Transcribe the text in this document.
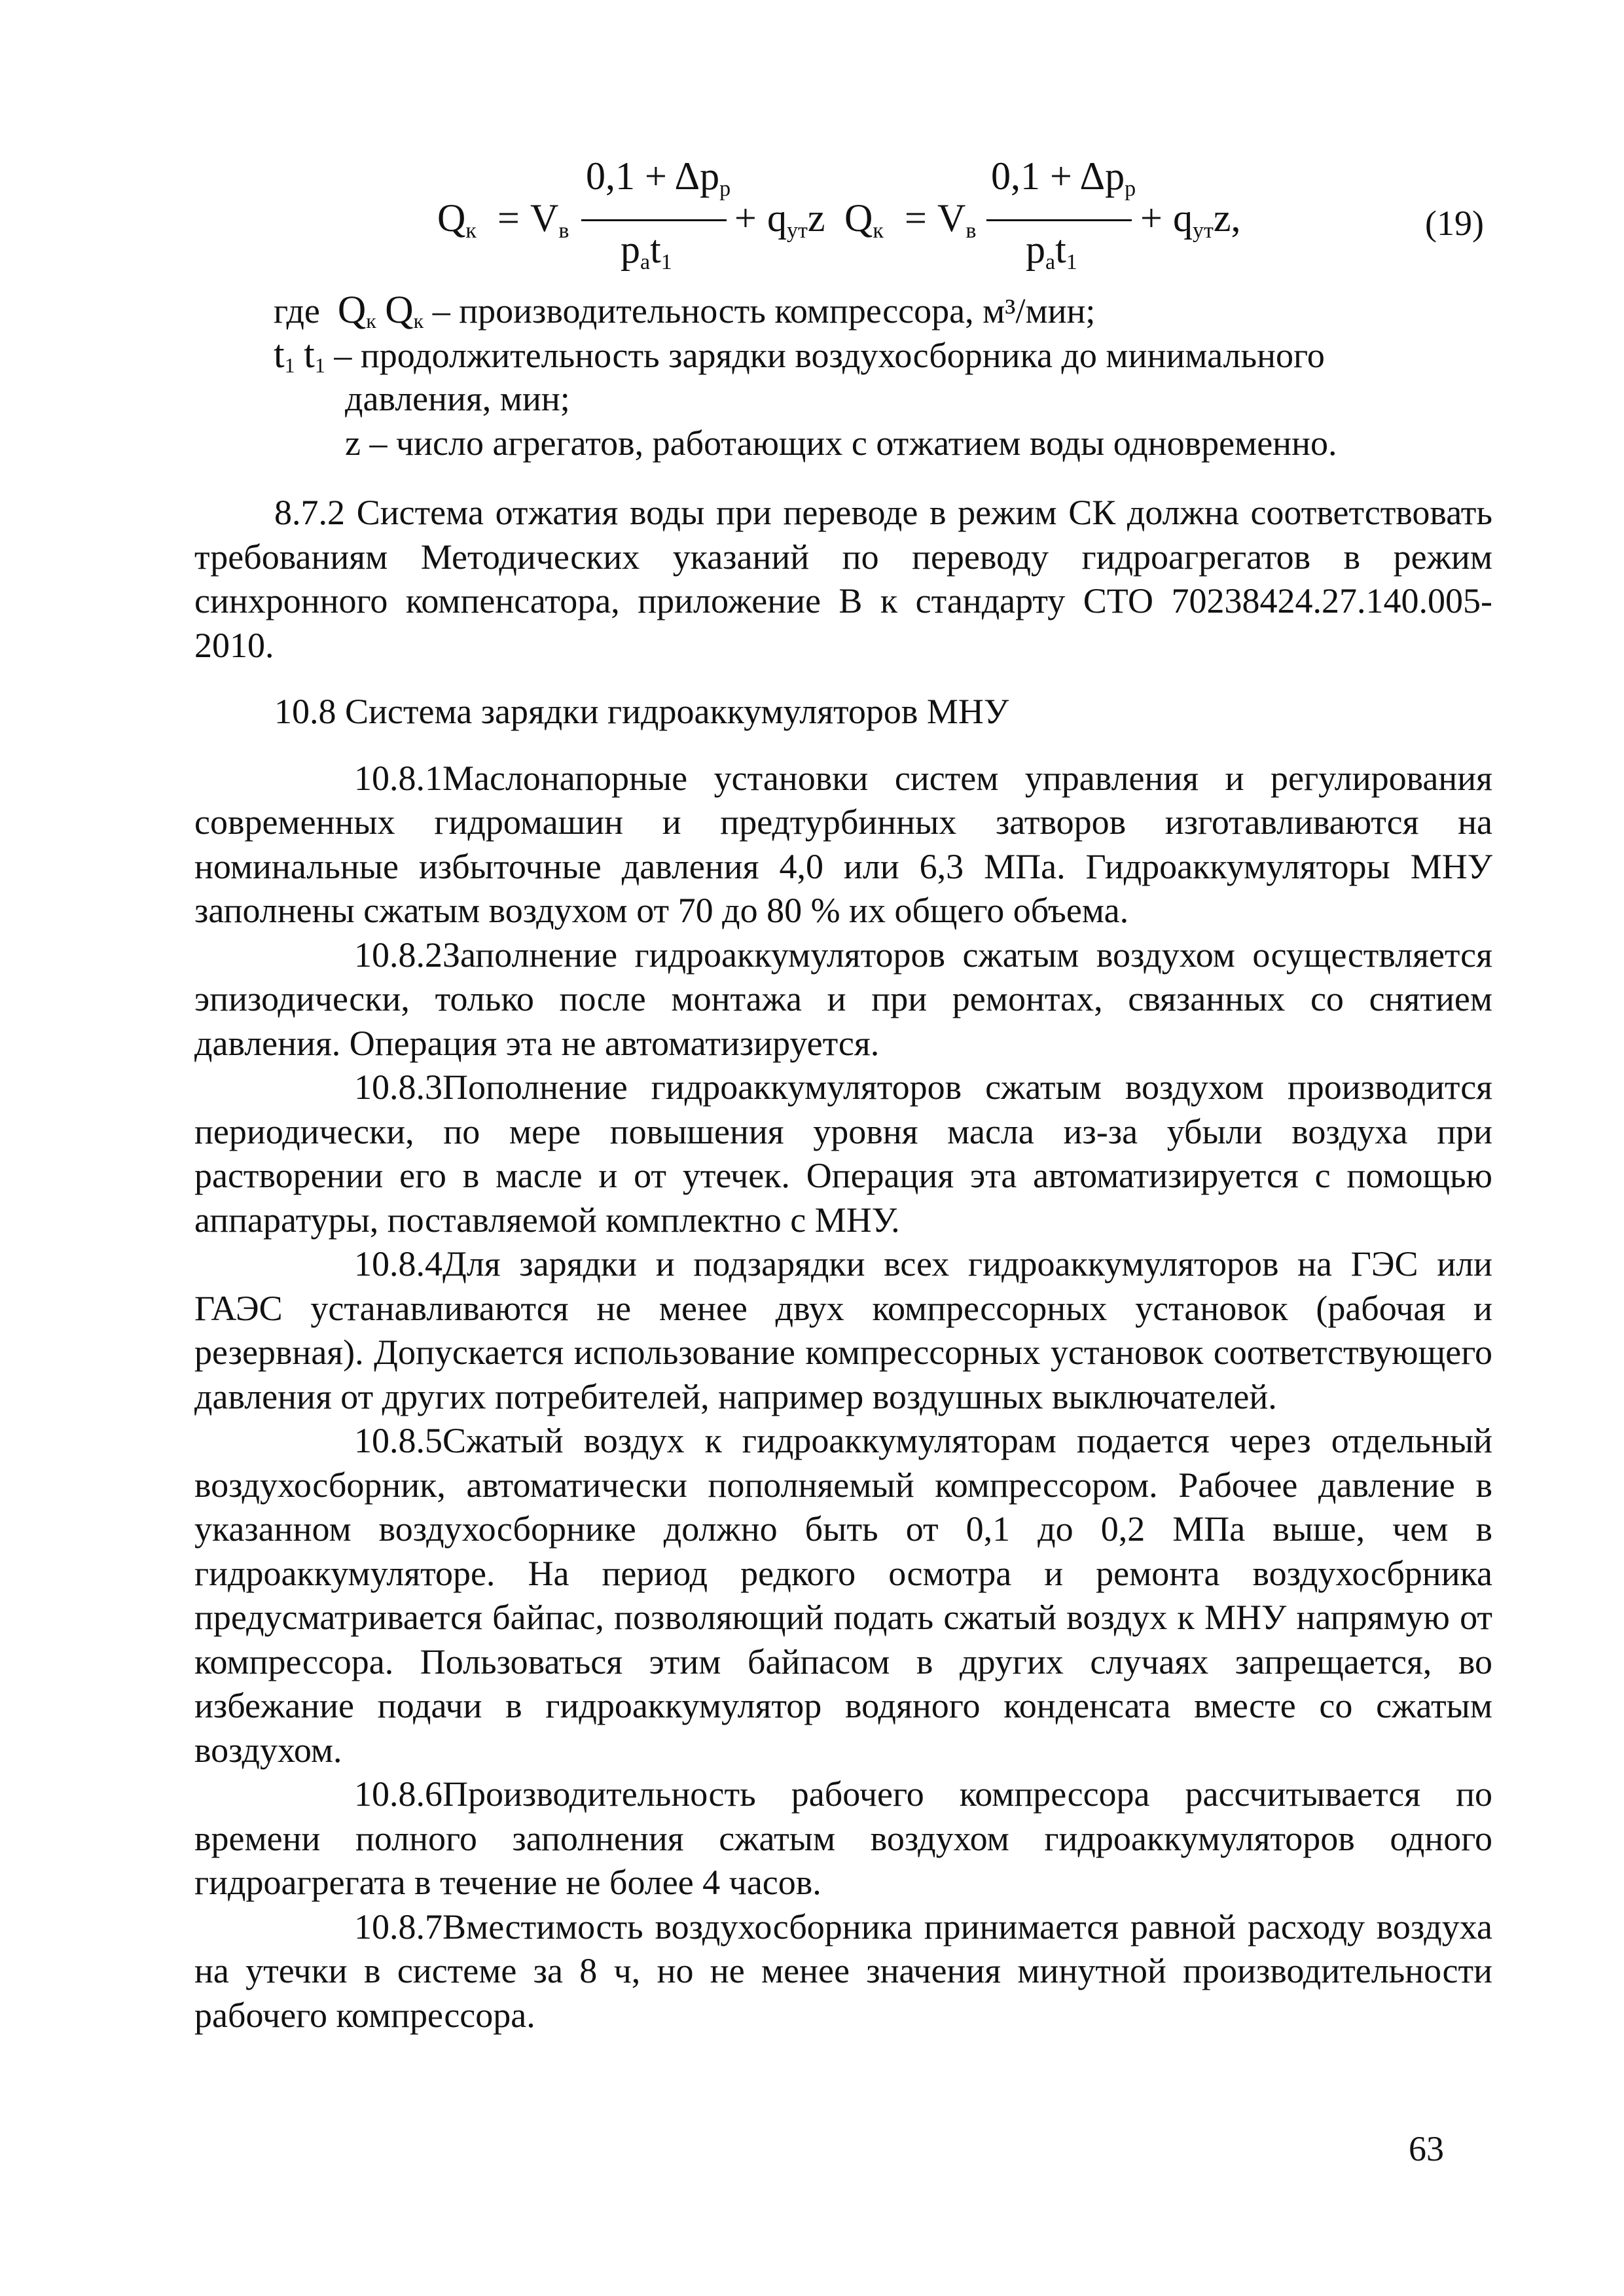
$Q_к = V_в$
$0,1 + \Delta p_р$
$p_аt_1$
+ $q_{ут}z$ $Q_к = V_в$
$0,1 + \Delta p_р$
$p_аt_1$
+ $q_{ут}z$,	(19)
где $Q_к$ $Q_к$ – производительность компрессора, м³/мин;
$t_1$ $t_1$ – продолжительность зарядки воздухосборника до минимального
давления, мин;
z – число агрегатов, работающих с отжатием воды одновременно.

8.7.2 Система отжатия воды при переводе в режим СК должна соответствовать требованиям Методических указаний по переводу гидроагрегатов в режим синхронного компенсатора, приложение В к стандарту СТО 70238424.27.140.005-2010.

10.8 Система зарядки гидроаккумуляторов МНУ

10.8.1Маслонапорные установки систем управления и регулирования современных гидромашин и предтурбинных затворов изготавливаются на номинальные избыточные давления 4,0 или 6,3 МПа. Гидроаккумуляторы МНУ заполнены сжатым воздухом от 70 до 80 % их общего объема.

10.8.2Заполнение гидроаккумуляторов сжатым воздухом осуществляется эпизодически, только после монтажа и при ремонтах, связанных со снятием давления. Операция эта не автоматизируется.

10.8.3Пополнение гидроаккумуляторов сжатым воздухом производится периодически, по мере повышения уровня масла из-за убыли воздуха при растворении его в масле и от утечек. Операция эта автоматизируется с помощью аппаратуры, поставляемой комплектно с МНУ.

10.8.4Для зарядки и подзарядки всех гидроаккумуляторов на ГЭС или ГАЭС устанавливаются не менее двух компрессорных установок (рабочая и резервная). Допускается использование компрессорных установок соответствующего давления от других потребителей, например воздушных выключателей.

10.8.5Сжатый воздух к гидроаккумуляторам подается через отдельный воздухосборник, автоматически пополняемый компрессором. Рабочее давление в указанном воздухосборнике должно быть от 0,1 до 0,2 МПа выше, чем в гидроаккумуляторе. На период редкого осмотра и ремонта воздухосбрника предусматривается байпас, позволяющий подать сжатый воздух к МНУ напрямую от компрессора. Пользоваться этим байпасом в других случаях запрещается, во избежание подачи в гидроаккумулятор водяного конденсата вместе со сжатым воздухом.

10.8.6Производительность рабочего компрессора рассчитывается по времени полного заполнения сжатым воздухом гидроаккумуляторов одного гидроагрегата в течение не более 4 часов.

10.8.7Вместимость воздухосборника принимается равной расходу воздуха на утечки в системе за 8 ч, но не менее значения минутной производительности рабочего компрессора.

63
